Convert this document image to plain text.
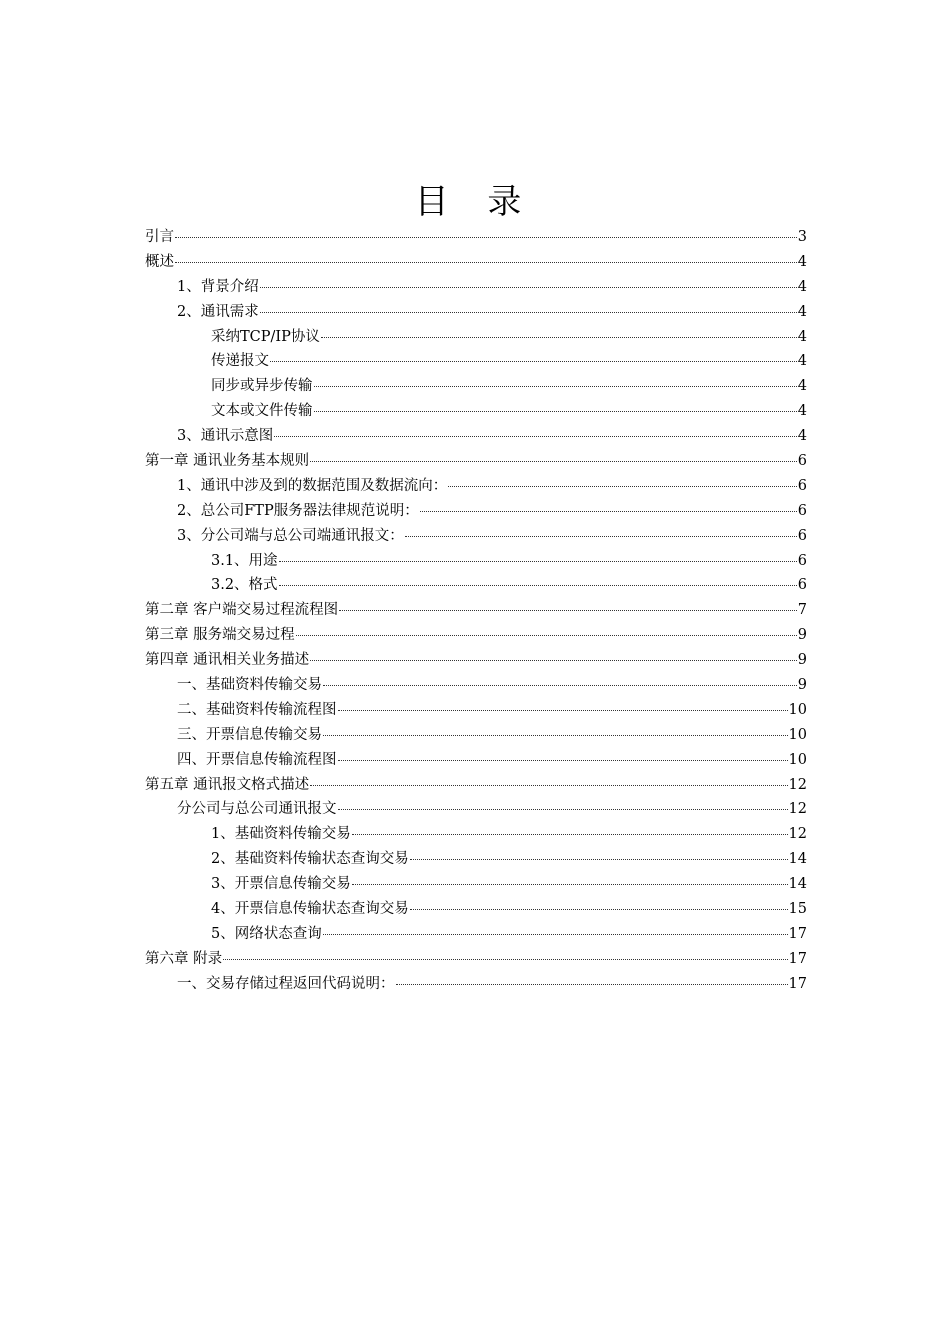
目 录
引言	3
概述	4
1、背景介绍	4
2、通讯需求	4
采纳TCP/IP协议	4
传递报文	4
同步或异步传输	4
文本或文件传输	4
3、通讯示意图	4
第一章 通讯业务基本规则	6
1、通讯中涉及到的数据范围及数据流向：	6
2、总公司FTP服务器法律规范说明：	6
3、分公司端与总公司端通讯报文：	6
3.1、用途	6
3.2、格式	6
第二章 客户端交易过程流程图	7
第三章 服务端交易过程	9
第四章 通讯相关业务描述	9
一、基础资料传输交易	9
二、基础资料传输流程图	10
三、开票信息传输交易	10
四、开票信息传输流程图	10
第五章 通讯报文格式描述	12
分公司与总公司通讯报文	12
1、基础资料传输交易	12
2、基础资料传输状态查询交易	14
3、开票信息传输交易	14
4、开票信息传输状态查询交易	15
5、网络状态查询	17
第六章 附录	17
一、交易存储过程返回代码说明：	17
